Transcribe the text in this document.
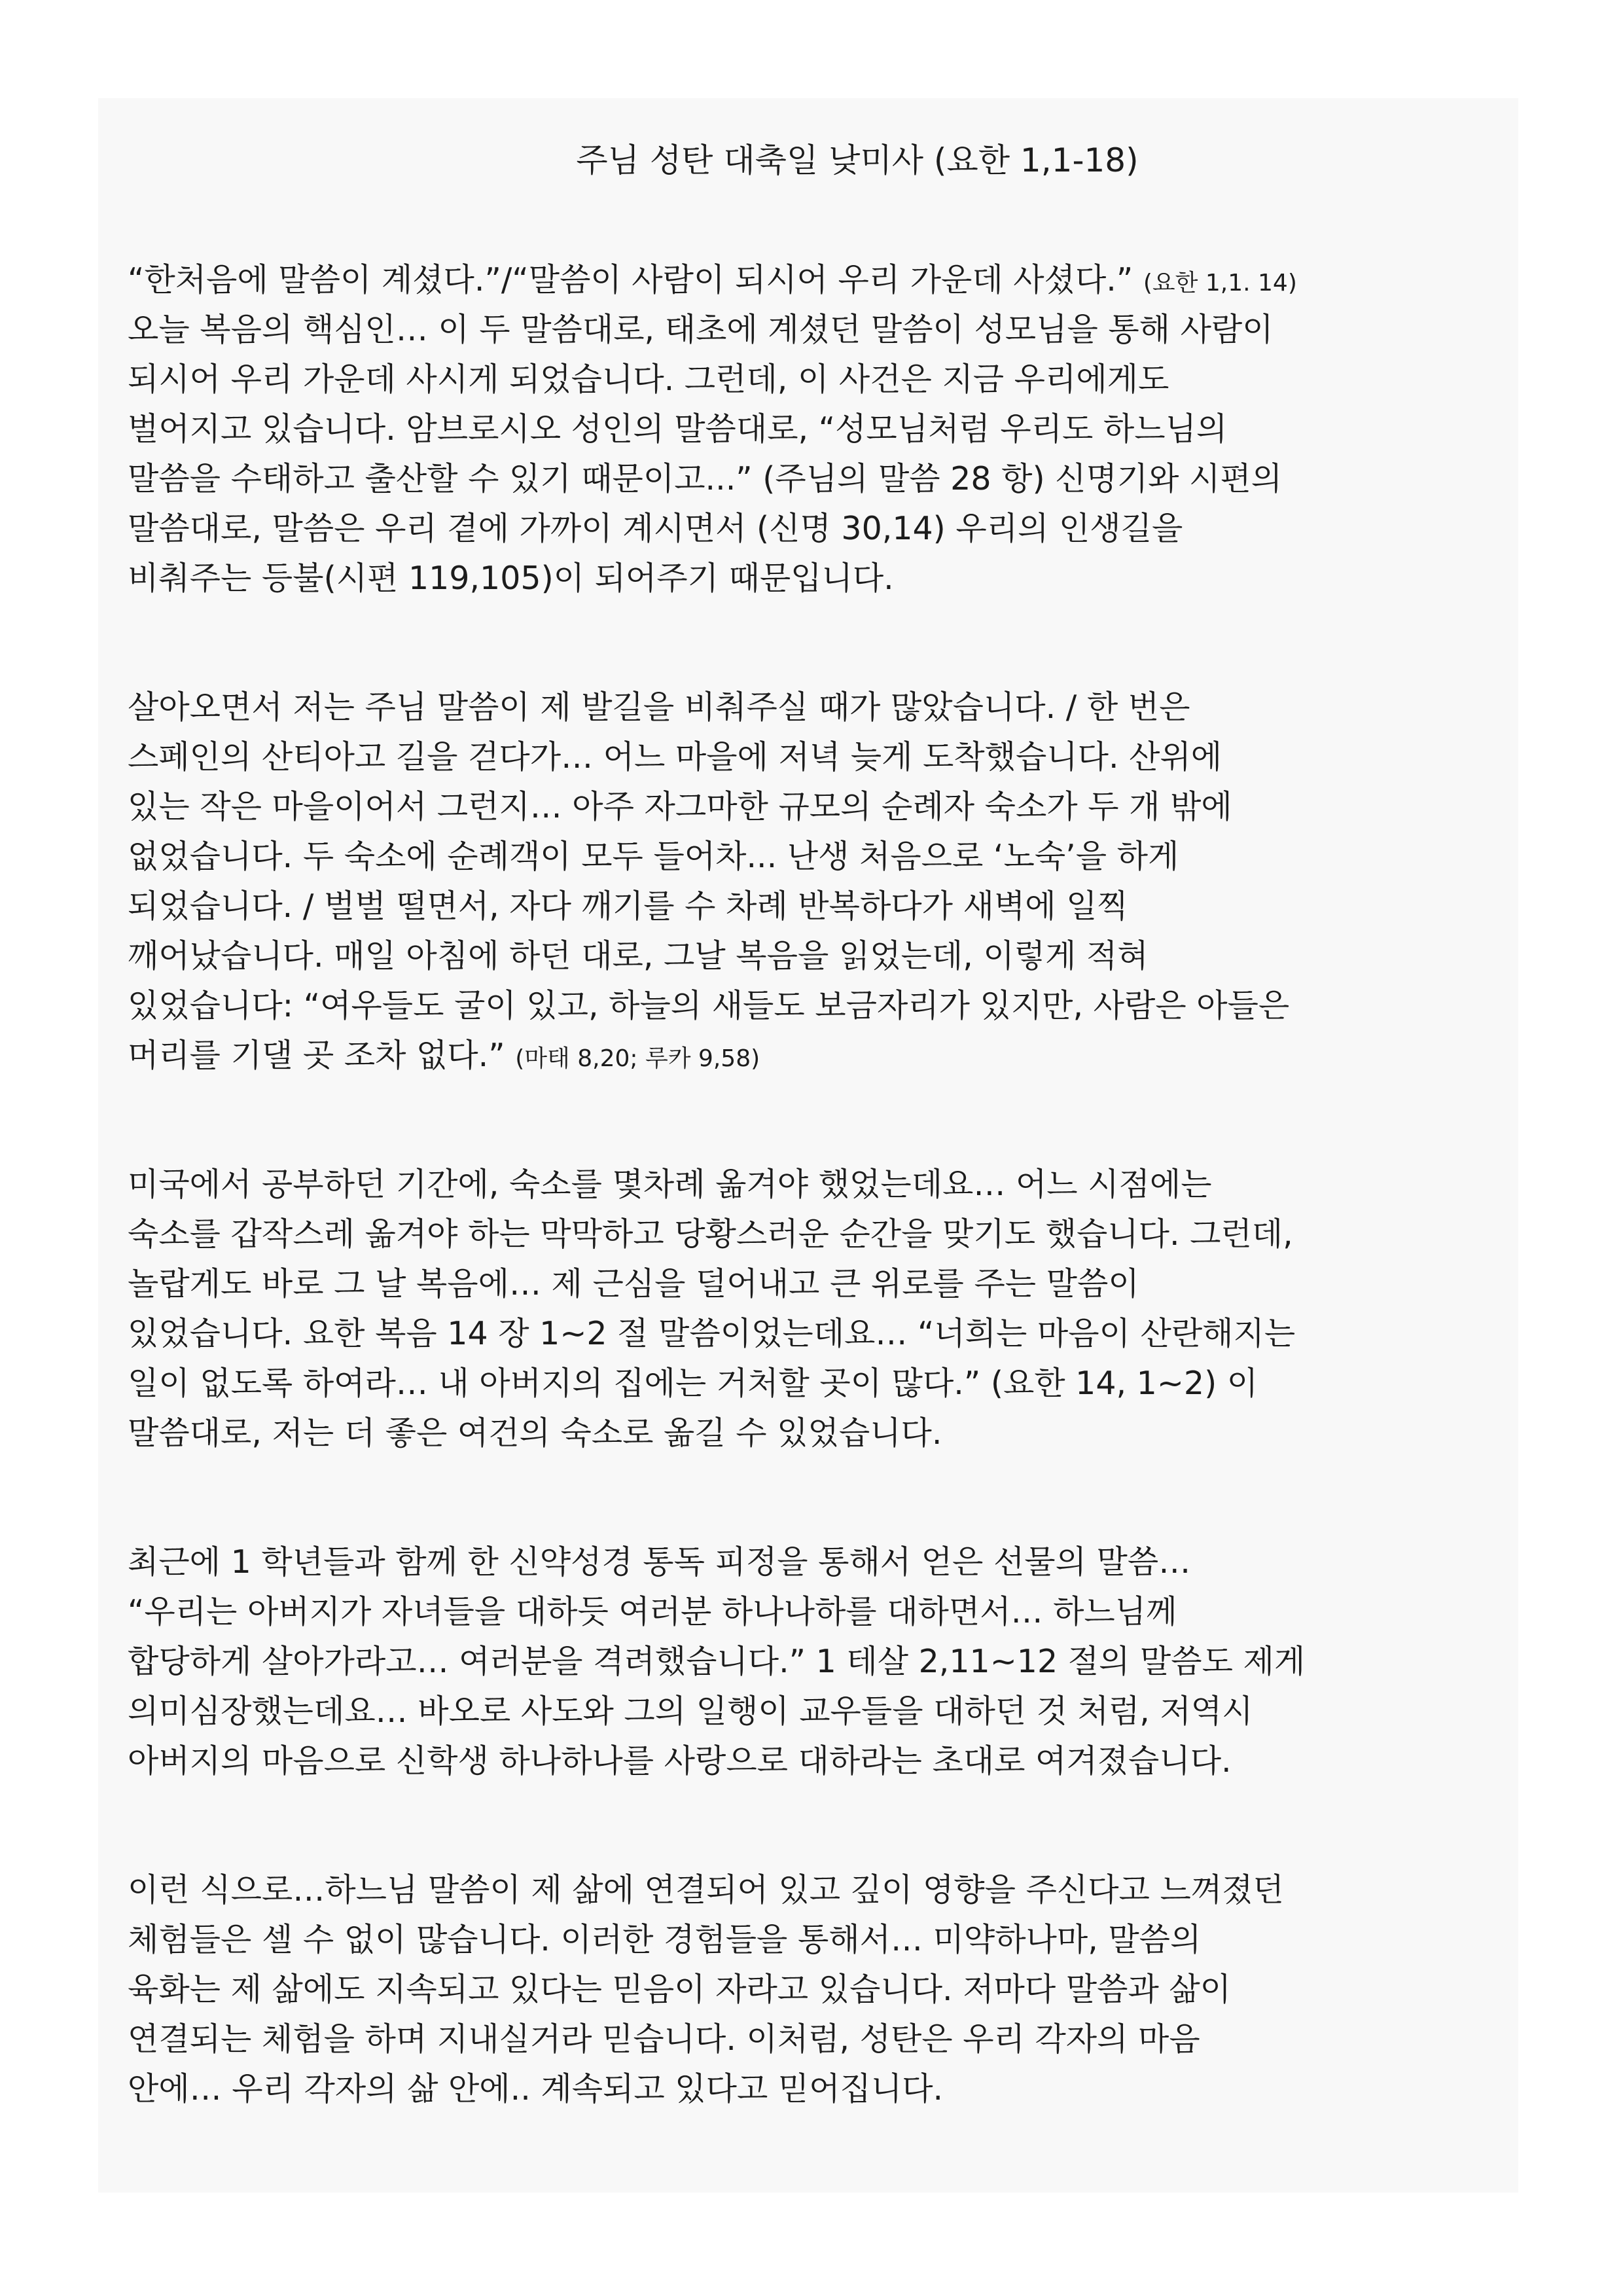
주님 성탄 대축일 낮미사 (요한 1,1-18)
“한처음에 말씀이 계셨다.”/“말씀이 사람이 되시어 우리 가운데 사셨다.” (요한 1,1. 14)
오늘 복음의 핵심인… 이 두 말씀대로, 태초에 계셨던 말씀이 성모님을 통해 사람이
되시어 우리 가운데 사시게 되었습니다. 그런데, 이 사건은 지금 우리에게도
벌어지고 있습니다. 암브로시오 성인의 말씀대로, “성모님처럼 우리도 하느님의
말씀을 수태하고 출산할 수 있기 때문이고...” (주님의 말씀 28 항) 신명기와 시편의
말씀대로, 말씀은 우리 곁에 가까이 계시면서 (신명 30,14) 우리의 인생길을
비춰주는 등불(시편 119,105)이 되어주기 때문입니다.
살아오면서 저는 주님 말씀이 제 발길을 비춰주실 때가 많았습니다. / 한 번은
스페인의 산티아고 길을 걷다가… 어느 마을에 저녁 늦게 도착했습니다. 산위에
있는 작은 마을이어서 그런지… 아주 자그마한 규모의 순례자 숙소가 두 개 밖에
없었습니다. 두 숙소에 순례객이 모두 들어차... 난생 처음으로 ‘노숙’을 하게
되었습니다. / 벌벌 떨면서, 자다 깨기를 수 차례 반복하다가 새벽에 일찍
깨어났습니다. 매일 아침에 하던 대로, 그날 복음을 읽었는데, 이렇게 적혀
있었습니다: “여우들도 굴이 있고, 하늘의 새들도 보금자리가 있지만, 사람은 아들은
머리를 기댈 곳 조차 없다.” (마태 8,20; 루카 9,58)
미국에서 공부하던 기간에, 숙소를 몇차례 옮겨야 했었는데요… 어느 시점에는
숙소를 갑작스레 옮겨야 하는 막막하고 당황스러운 순간을 맞기도 했습니다. 그런데,
놀랍게도 바로 그 날 복음에… 제 근심을 덜어내고 큰 위로를 주는 말씀이
있었습니다. 요한 복음 14 장 1~2 절 말씀이었는데요… “너희는 마음이 산란해지는
일이 없도록 하여라… 내 아버지의 집에는 거처할 곳이 많다.” (요한 14, 1~2) 이
말씀대로, 저는 더 좋은 여건의 숙소로 옮길 수 있었습니다.
최근에 1 학년들과 함께 한 신약성경 통독 피정을 통해서 얻은 선물의 말씀…
“우리는 아버지가 자녀들을 대하듯 여러분 하나나하를 대하면서… 하느님께
합당하게 살아가라고… 여러분을 격려했습니다.” 1 테살 2,11~12 절의 말씀도 제게
의미심장했는데요… 바오로 사도와 그의 일행이 교우들을 대하던 것 처럼, 저역시
아버지의 마음으로 신학생 하나하나를 사랑으로 대하라는 초대로 여겨졌습니다.
이런 식으로…하느님 말씀이 제 삶에 연결되어 있고 깊이 영향을 주신다고 느껴졌던
체험들은 셀 수 없이 많습니다. 이러한 경험들을 통해서… 미약하나마, 말씀의
육화는 제 삶에도 지속되고 있다는 믿음이 자라고 있습니다. 저마다 말씀과 삶이
연결되는 체험을 하며 지내실거라 믿습니다. 이처럼, 성탄은 우리 각자의 마음
안에… 우리 각자의 삶 안에.. 계속되고 있다고 믿어집니다.
